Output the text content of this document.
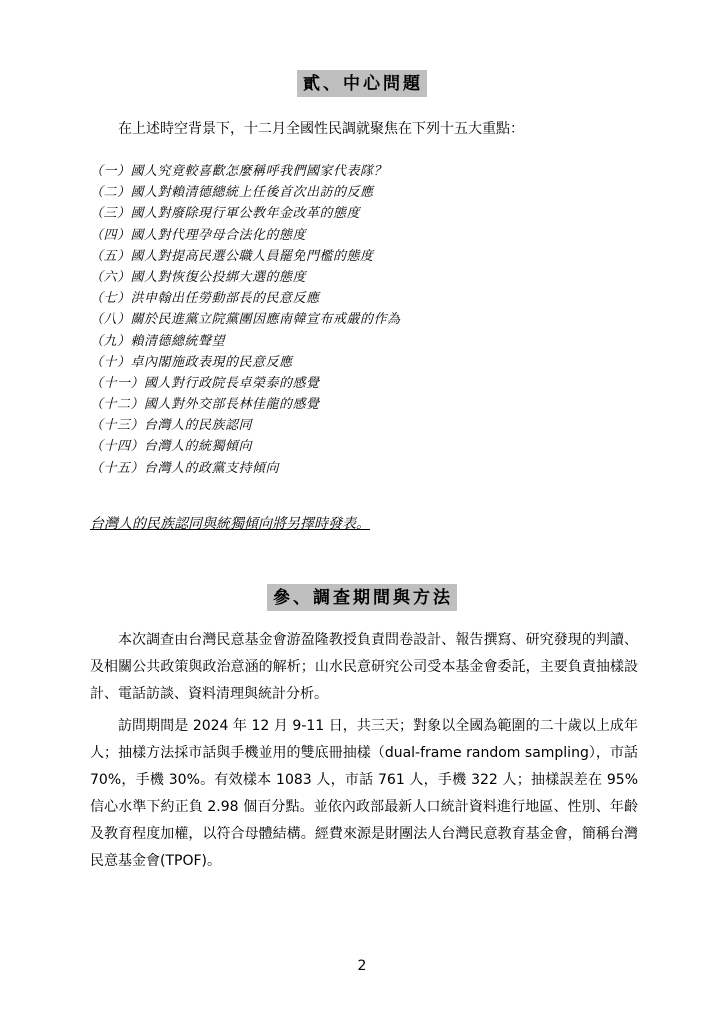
貳、中心問題
在上述時空背景下，十二月全國性民調就聚焦在下列十五大重點：
（一）國人究竟較喜歡怎麼稱呼我們國家代表隊？
（二）國人對賴清德總統上任後首次出訪的反應
（三）國人對廢除現行軍公教年金改革的態度
（四）國人對代理孕母合法化的態度
（五）國人對提高民選公職人員罷免門檻的態度
（六）國人對恢復公投綁大選的態度
（七）洪申翰出任勞動部長的民意反應
（八）關於民進黨立院黨團因應南韓宣布戒嚴的作為
（九）賴清德總統聲望
（十）卓內閣施政表現的民意反應
（十一）國人對行政院長卓榮泰的感覺
（十二）國人對外交部長林佳龍的感覺
（十三）台灣人的民族認同
（十四）台灣人的統獨傾向
（十五）台灣人的政黨支持傾向
台灣人的民族認同與統獨傾向將另擇時發表。
參、調查期間與方法

本次調查由台灣民意基金會游盈隆教授負責問卷設計、報告撰寫、研究發現的判讀、及相關公共政策與政治意涵的解析；山水民意研究公司受本基金會委託，主要負責抽樣設計、電話訪談、資料清理與統計分析。

訪問期間是 2024 年 12 月 9-11 日，共三天；對象以全國為範圍的二十歲以上成年人；抽樣方法採市話與手機並用的雙底冊抽樣（dual-frame random sampling），市話 70%，手機 30%。有效樣本 1083 人，市話 761 人，手機 322 人；抽樣誤差在 95%信心水準下約正負 2.98 個百分點。並依內政部最新人口統計資料進行地區、性別、年齡及教育程度加權，以符合母體結構。經費來源是財團法人台灣民意教育基金會，簡稱台灣民意基金會(TPOF)。

2
